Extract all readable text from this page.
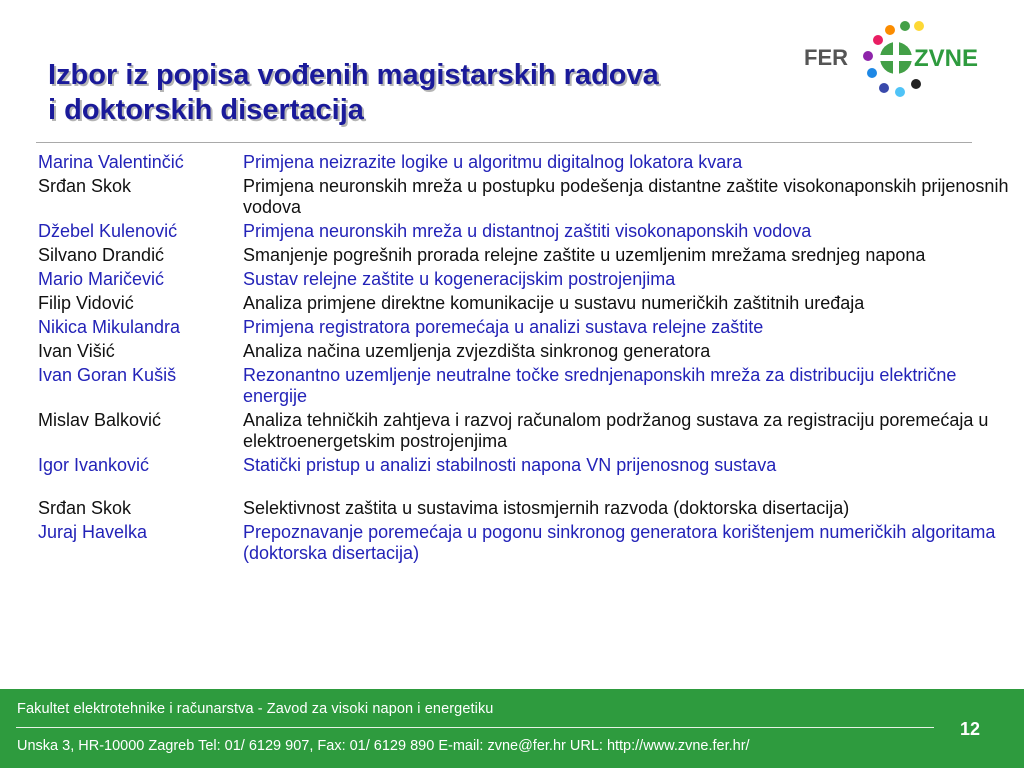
Izbor iz popisa vođenih magistarskih radova
i doktorskih disertacija
FER	ZVNE
Marina Valentinčić	Primjena neizrazite logike u algoritmu digitalnog lokatora kvara
Srđan Skok	Primjena neuronskih mreža u postupku podešenja distantne zaštite visokonaponskih prijenosnih vodova
Džebel Kulenović	Primjena neuronskih mreža u distantnoj zaštiti visokonaponskih vodova
Silvano Drandić	Smanjenje pogrešnih prorada relejne zaštite u uzemljenim mrežama srednjeg napona
Mario Maričević	Sustav relejne zaštite u kogeneracijskim postrojenjima
Filip Vidović	Analiza primjene direktne komunikacije u sustavu numeričkih zaštitnih uređaja
Nikica Mikulandra	Primjena registratora poremećaja u analizi sustava relejne zaštite
Ivan Višić	Analiza načina uzemljenja zvjezdišta sinkronog generatora
Ivan Goran Kušiš	Rezonantno uzemljenje neutralne točke srednjenaponskih mreža za distribuciju električne energije
Mislav Balković	Analiza tehničkih zahtjeva i razvoj računalom podržanog sustava za registraciju poremećaja u elektroenergetskim postrojenjima
Igor Ivanković	Statički pristup u analizi stabilnosti napona VN prijenosnog sustava
Srđan Skok	Selektivnost zaštita u sustavima istosmjernih razvoda (doktorska disertacija)
Juraj Havelka	Prepoznavanje poremećaja u pogonu sinkronog generatora korištenjem numeričkih algoritama (doktorska disertacija)
Fakultet elektrotehnike i računarstva - Zavod za visoki napon i energetiku
Unska 3, HR-10000 Zagreb Tel: 01/ 6129 907, Fax: 01/ 6129 890 E-mail: zvne@fer.hr URL: http://www.zvne.fer.hr/
12
